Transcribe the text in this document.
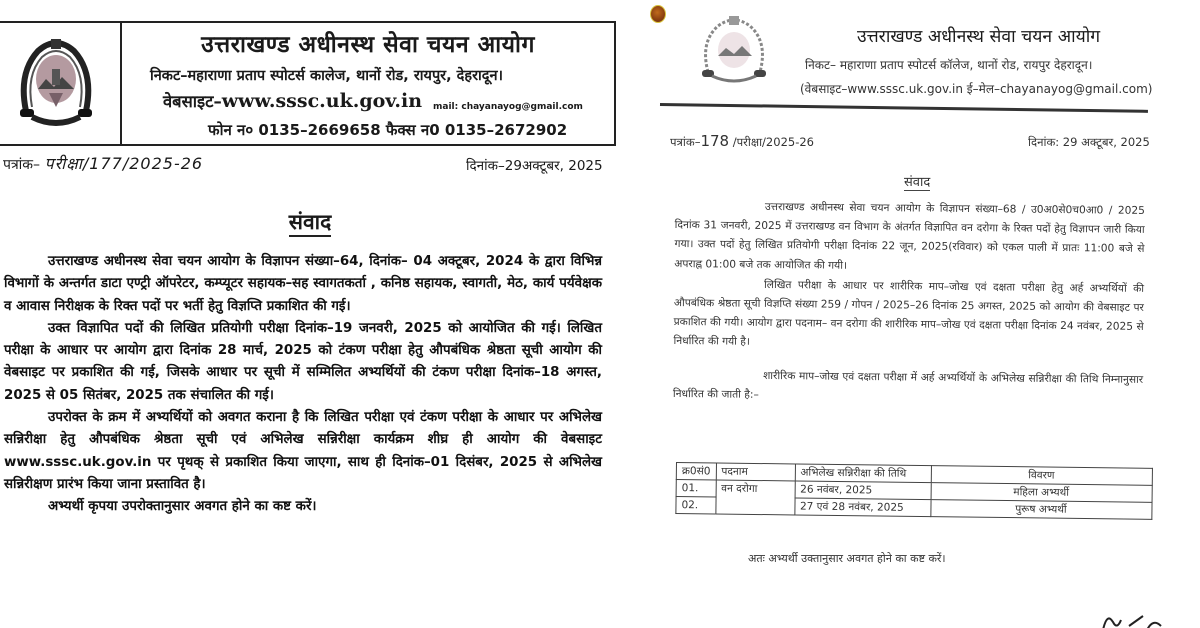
उत्तराखण्ड अधीनस्थ सेवा चयन आयोग
निकट–महाराणा प्रताप स्पोटर्स कालेज, थानों रोड, रायपुर, देहरादून।
वेबसाइट–www.sssc.uk.gov.in mail: chayanayog@gmail.com
फोन न० 0135–2669658 फैक्स न0 0135–2672902
पत्रांक– परीक्षा/177/2025-26	दिनांक–29अक्टूबर, 2025
संवाद

उत्तराखण्ड अधीनस्थ सेवा चयन आयोग के विज्ञापन संख्या–64, दिनांक– 04 अक्टूबर, 2024 के द्वारा विभिन्न विभागों के अन्तर्गत डाटा एण्ट्री ऑपरेटर, कम्प्यूटर सहायक–सह स्वागतकर्ता , कनिष्ठ सहायक, स्वागती, मेठ, कार्य पर्यवेक्षक व आवास निरीक्षक के रिक्त पदों पर भर्ती हेतु विज्ञप्ति प्रकाशित की गई।

उक्त विज्ञापित पदों की लिखित प्रतियोगी परीक्षा दिनांक–19 जनवरी, 2025 को आयोजित की गई। लिखित परीक्षा के आधार पर आयोग द्वारा दिनांक 28 मार्च, 2025 को टंकण परीक्षा हेतु औपबंधिक श्रेष्ठता सूची आयोग की वेबसाइट पर प्रकाशित की गई, जिसके आधार पर सूची में सम्मिलित अभ्यर्थियों की टंकण परीक्षा दिनांक–18 अगस्त, 2025 से 05 सितंबर, 2025 तक संचालित की गई।

उपरोक्त के क्रम में अभ्यर्थियों को अवगत कराना है कि लिखित परीक्षा एवं टंकण परीक्षा के आधार पर अभिलेख सन्निरीक्षा हेतु औपबंधिक श्रेष्ठता सूची एवं अभिलेख सन्निरीक्षा कार्यक्रम शीघ्र ही आयोग की वेबसाइट www.sssc.uk.gov.in पर पृथक् से प्रकाशित किया जाएगा, साथ ही दिनांक–01 दिसंबर, 2025 से अभिलेख सन्निरीक्षण प्रारंभ किया जाना प्रस्तावित है।

अभ्यर्थी कृपया उपरोक्तानुसार अवगत होने का कष्ट करें।

उत्तराखण्ड अधीनस्थ सेवा चयन आयोग
निकट– महाराणा प्रताप स्पोटर्स कॉलेज, थानों रोड, रायपुर देहरादून।
(वेबसाइट–www.sssc.uk.gov.in ई–मेल–chayanayog@gmail.com)
पत्रांक–178 /परीक्षा/2025-26	दिनांक: 29 अक्टूबर, 2025
संवाद

उत्तराखण्ड अधीनस्थ सेवा चयन आयोग के विज्ञापन संख्या–68 / उ0अ0से0च0आ0 / 2025 दिनांक 31 जनवरी, 2025 में उत्तराखण्ड वन विभाग के अंतर्गत विज्ञापित वन दरोगा के रिक्त पदों हेतु विज्ञापन जारी किया गया। उक्त पदों हेतु लिखित प्रतियोगी परीक्षा दिनांक 22 जून, 2025(रविवार) को एकल पाली में प्रातः 11:00 बजे से अपराह्न 01:00 बजे तक आयोजित की गयी।

लिखित परीक्षा के आधार पर शारीरिक माप–जोख एवं दक्षता परीक्षा हेतु अर्ह अभ्यर्थियों की औपबंधिक श्रेष्ठता सूची विज्ञप्ति संख्या 259 / गोपन / 2025–26 दिनांक 25 अगस्त, 2025 को आयोग की वेबसाइट पर प्रकाशित की गयी। आयोग द्वारा पदनाम– वन दरोगा की शारीरिक माप–जोख एवं दक्षता परीक्षा दिनांक 24 नवंबर, 2025 से निर्धारित की गयी है।

शारीरिक माप–जोख एवं दक्षता परीक्षा में अर्ह अभ्यर्थियों के अभिलेख सन्निरीक्षा की तिथि निम्नानुसार निर्धारित की जाती है:–

क्र0सं0	पदनाम	अभिलेख सन्निरीक्षा की तिथि	विवरण
01.	वन दरोगा	26 नवंबर, 2025	महिला अभ्यर्थी
02.		27 एवं 28 नवंबर, 2025	पुरूष अभ्यर्थी
अतः अभ्यर्थी उक्तानुसार अवगत होने का कष्ट करें।
